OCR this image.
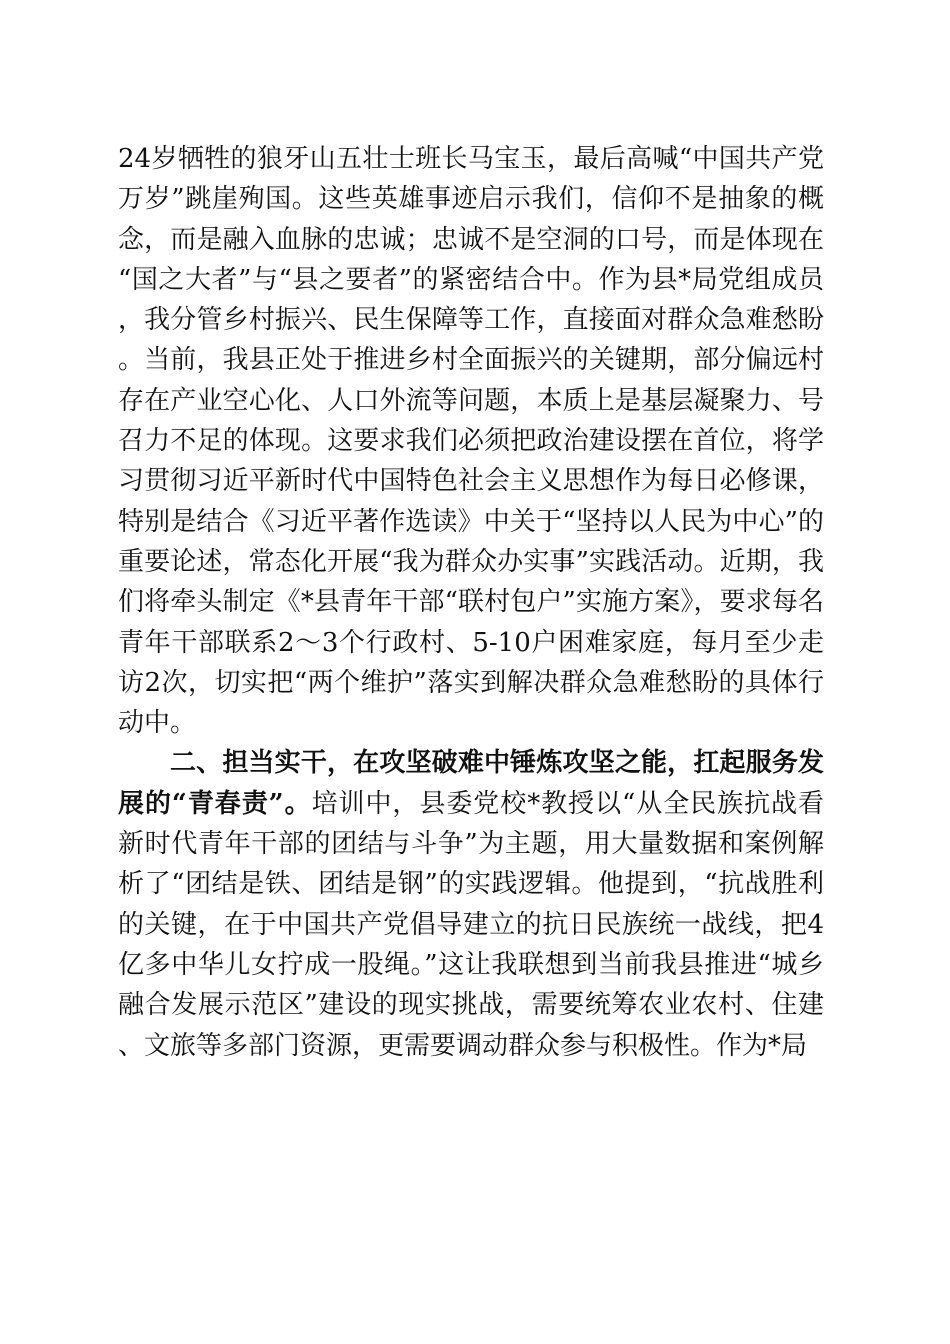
24岁牺牲的狼牙山五壮士班长马宝玉，最后高喊“中国共产党万岁”跳崖殉国。这些英雄事迹启示我们，信仰不是抽象的概念，而是融入血脉的忠诚；忠诚不是空洞的口号，而是体现在“国之大者”与“县之要者”的紧密结合中。作为县*局党组成员，我分管乡村振兴、民生保障等工作，直接面对群众急难愁盼。当前，我县正处于推进乡村全面振兴的关键期，部分偏远村存在产业空心化、人口外流等问题，本质上是基层凝聚力、号召力不足的体现。这要求我们必须把政治建设摆在首位，将学习贯彻习近平新时代中国特色社会主义思想作为每日必修课，特别是结合《习近平著作选读》中关于“坚持以人民为中心”的重要论述，常态化开展“我为群众办实事”实践活动。近期，我们将牵头制定《*县青年干部“联村包户”实施方案》，要求每名青年干部联系2～3个行政村、5-10户困难家庭，每月至少走访2次，切实把“两个维护”落实到解决群众急难愁盼的具体行动中。

二、担当实干，在攻坚破难中锤炼攻坚之能，扛起服务发展的“青春责”。培训中，县委党校*教授以“从全民族抗战看新时代青年干部的团结与斗争”为主题，用大量数据和案例解析了“团结是铁、团结是钢”的实践逻辑。他提到，“抗战胜利的关键，在于中国共产党倡导建立的抗日民族统一战线，把4亿多中华儿女拧成一股绳。”这让我联想到当前我县推进“城乡融合发展示范区”建设的现实挑战，需要统筹农业农村、住建、文旅等多部门资源，更需要调动群众参与积极性。作为*局
